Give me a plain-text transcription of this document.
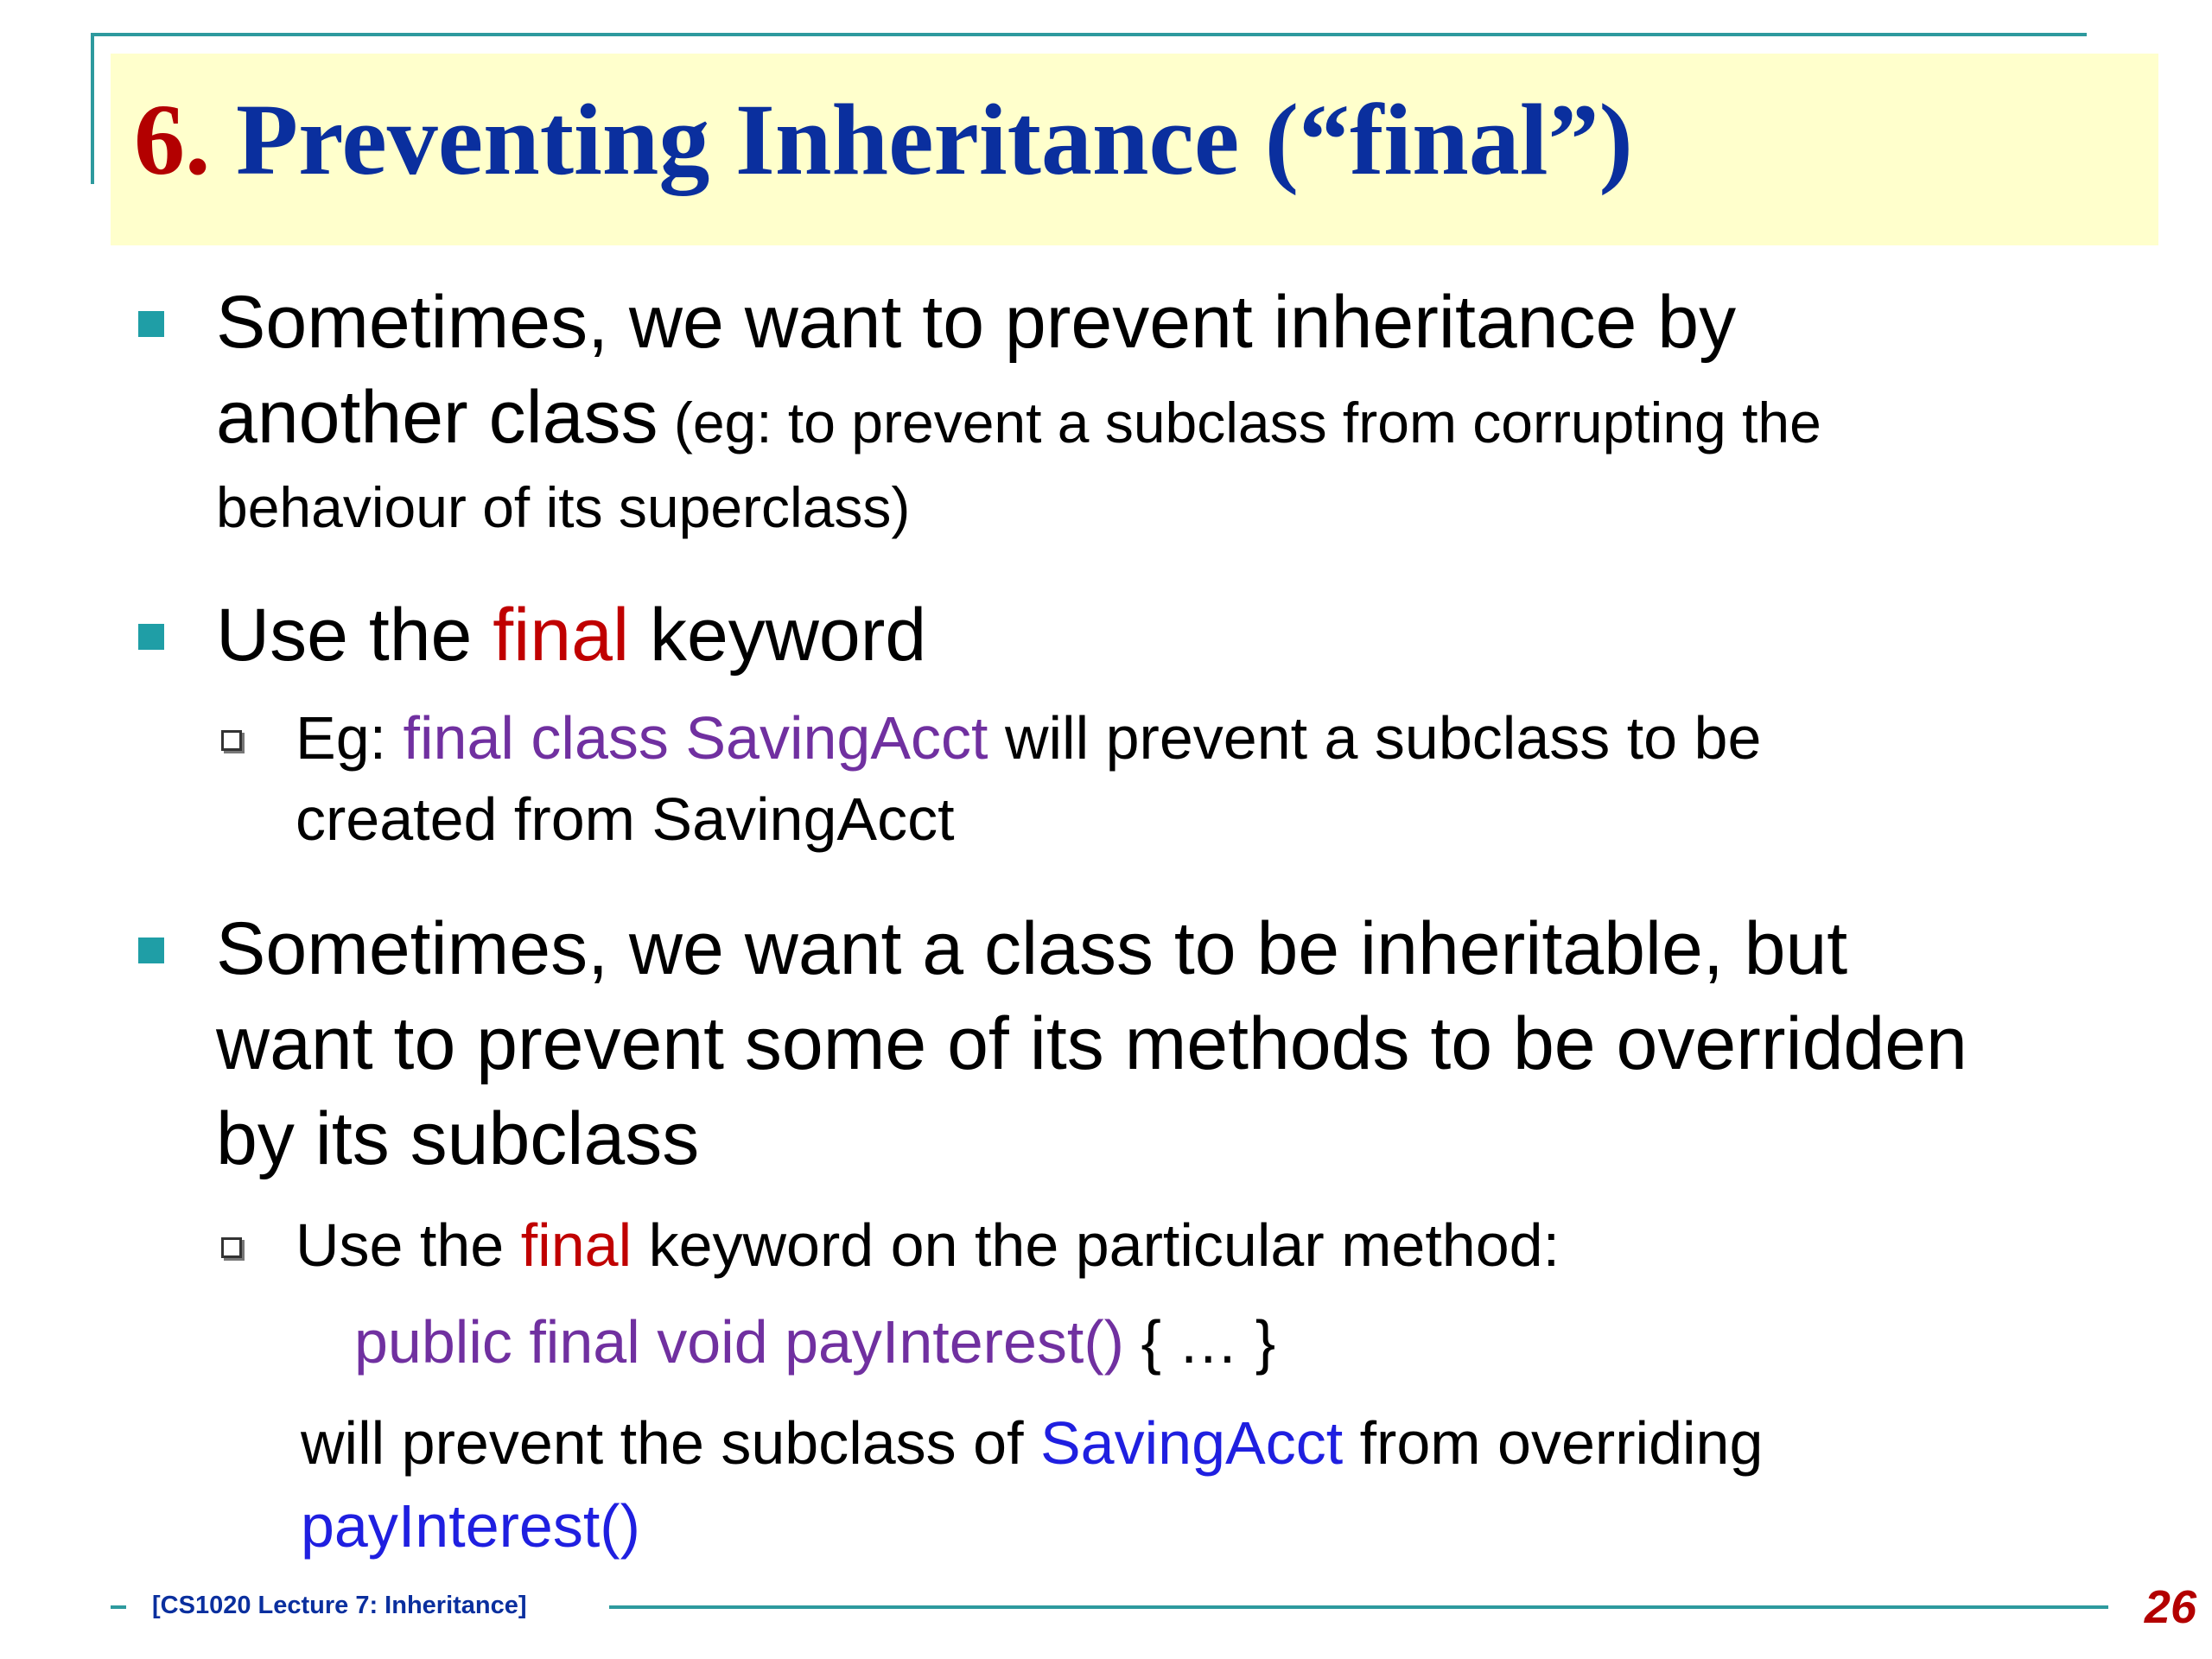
6. Preventing Inheritance (“final”)
Sometimes, we want to prevent inheritance by
another class (eg: to prevent a subclass from corrupting the
behaviour of its superclass)
Use the final keyword
Eg: final class SavingAcct will prevent a subclass to be
created from SavingAcct
Sometimes, we want a class to be inheritable, but
want to prevent some of its methods to be overridden
by its subclass
Use the final keyword on the particular method:
public final void payInterest() { … }
will prevent the subclass of SavingAcct from overriding
payInterest()
[CS1020 Lecture 7: Inheritance]	26
